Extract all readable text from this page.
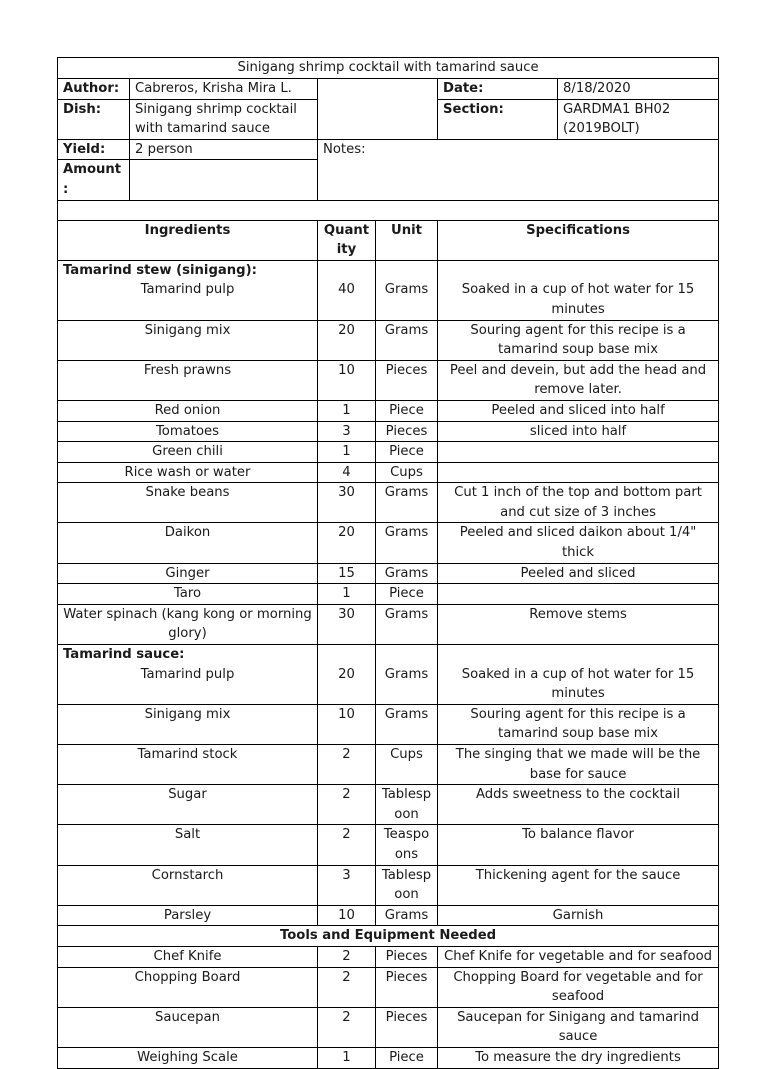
Sinigang shrimp cocktail with tamarind sauce					
Author:	Cabreros, Krisha Mira L.			Date:	8/18/2020
Dish:	Sinigang shrimp cocktail with tamarind sauce			Section:	GARDMA1 BH02 (2019BOLT)
Yield:	2 person	Notes:			
Amount :					

Ingredients		Quantity	Unit	Specifications	

Tamarind stew (sinigang):
Tamarind pulp		40	Grams	Soaked in a cup of hot water for 15 minutes	

Sinigang mix		20	Grams	Souring agent for this recipe is a tamarind soup base mix	

Fresh prawns		10	Pieces	Peel and devein, but add the head and remove later.	

Red onion		1	Piece	Peeled and sliced into half	

Tomatoes		3	Pieces	sliced into half	

Green chili		1	Piece		

Rice wash or water		4	Cups		

Snake beans		30	Grams	Cut 1 inch of the top and bottom part and cut size of 3 inches	

Daikon		20	Grams	Peeled and sliced daikon about 1/4" thick	

Ginger		15	Grams	Peeled and sliced	

Taro		1	Piece		

Water spinach (kang kong or morning glory)		30	Grams	Remove stems	

Tamarind sauce:
Tamarind pulp		20	Grams	Soaked in a cup of hot water for 15 minutes	

Sinigang mix		10	Grams	Souring agent for this recipe is a tamarind soup base mix	

Tamarind stock		2	Cups	The singing that we made will be the base for sauce	

Sugar		2	Tablespoon	Adds sweetness to the cocktail	

Salt		2	Teaspoons	To balance flavor	

Cornstarch		3	Tablespoon	Thickening agent for the sauce	

Parsley		10	Grams	Garnish	
Tools and Equipment Needed					
Chef Knife		2	Pieces	Chef Knife for vegetable and for seafood	
Chopping Board		2	Pieces	Chopping Board for vegetable and for seafood	
Saucepan		2	Pieces	Saucepan for Sinigang and tamarind sauce	
Weighing Scale		1	Piece	To measure the dry ingredients	
